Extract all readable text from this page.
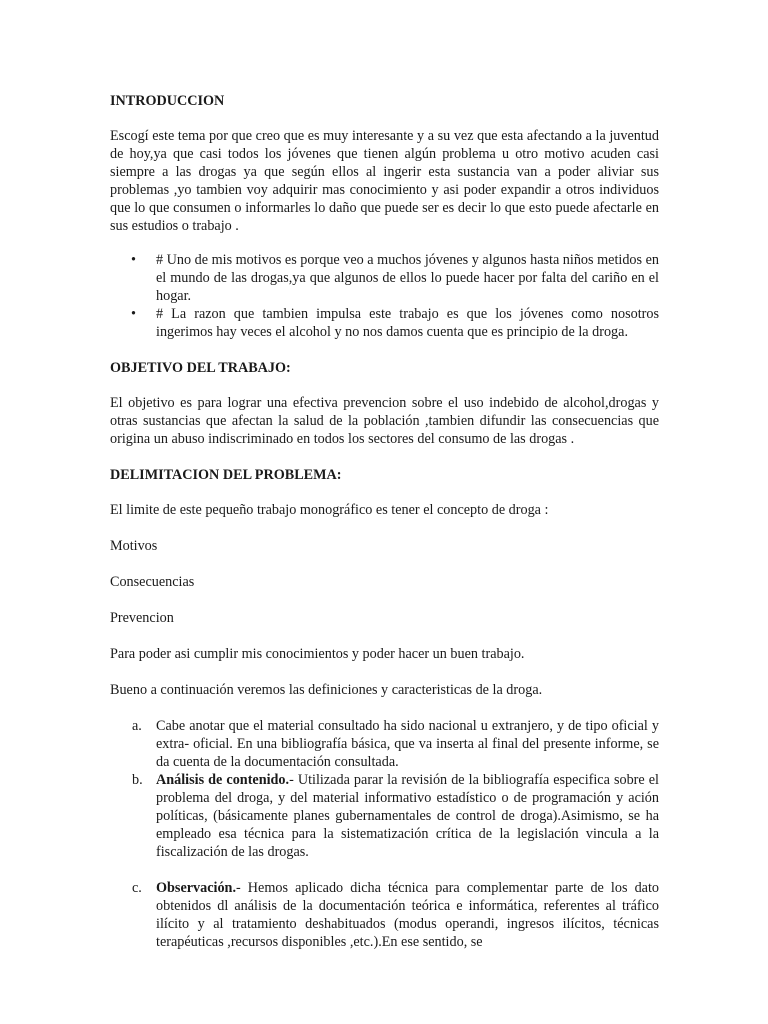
INTRODUCCION

Escogí este tema por que creo que es muy interesante y a su vez que esta afectando a la juventud de hoy,ya que casi todos los jóvenes que tienen algún problema u otro motivo acuden casi siempre a las drogas ya que según ellos al ingerir esta sustancia van a poder aliviar sus problemas ,yo tambien voy adquirir mas conocimiento y asi poder expandir a otros individuos que lo que consumen o informarles lo daño que puede ser es decir lo que esto puede afectarle en sus estudios o trabajo .

• # Uno de mis motivos es porque veo a muchos jóvenes y algunos hasta niños metidos en el mundo de las drogas,ya que algunos de ellos lo puede hacer por falta del cariño en el hogar.
• # La razon que tambien impulsa este trabajo es que los jóvenes como nosotros ingerimos hay veces el alcohol y no nos damos cuenta que es principio de la droga.
OBJETIVO DEL TRABAJO:

El objetivo es para lograr una efectiva prevencion sobre el uso indebido de alcohol,drogas y otras sustancias que afectan la salud de la población ,tambien difundir las consecuencias que origina un abuso indiscriminado en todos los sectores del consumo de las drogas .

DELIMITACION DEL PROBLEMA:

El limite de este pequeño trabajo monográfico es tener el concepto de droga :

Motivos

Consecuencias

Prevencion

Para poder asi cumplir mis conocimientos y poder hacer un buen trabajo.

Bueno a continuación veremos las definiciones y caracteristicas de la droga.

a. Cabe anotar que el material consultado ha sido nacional u extranjero, y de tipo oficial y extra- oficial. En una bibliografía básica, que va inserta al final del presente informe, se da cuenta de la documentación consultada.
b. Análisis de contenido.- Utilizada parar la revisión de la bibliografía especifica sobre el problema del droga, y del material informativo estadístico o de programación y ación políticas, (básicamente planes gubernamentales de control de droga).Asimismo, se ha empleado esa técnica para la sistematización crítica de la legislación vincula a la fiscalización de las drogas.
c. Observación.- Hemos aplicado dicha técnica para complementar parte de los dato obtenidos dl análisis de la documentación teórica e informática, referentes al tráfico ilícito y al tratamiento deshabituados (modus operandi, ingresos ilícitos, técnicas terapéuticas ,recursos disponibles ,etc.).En ese sentido, se
